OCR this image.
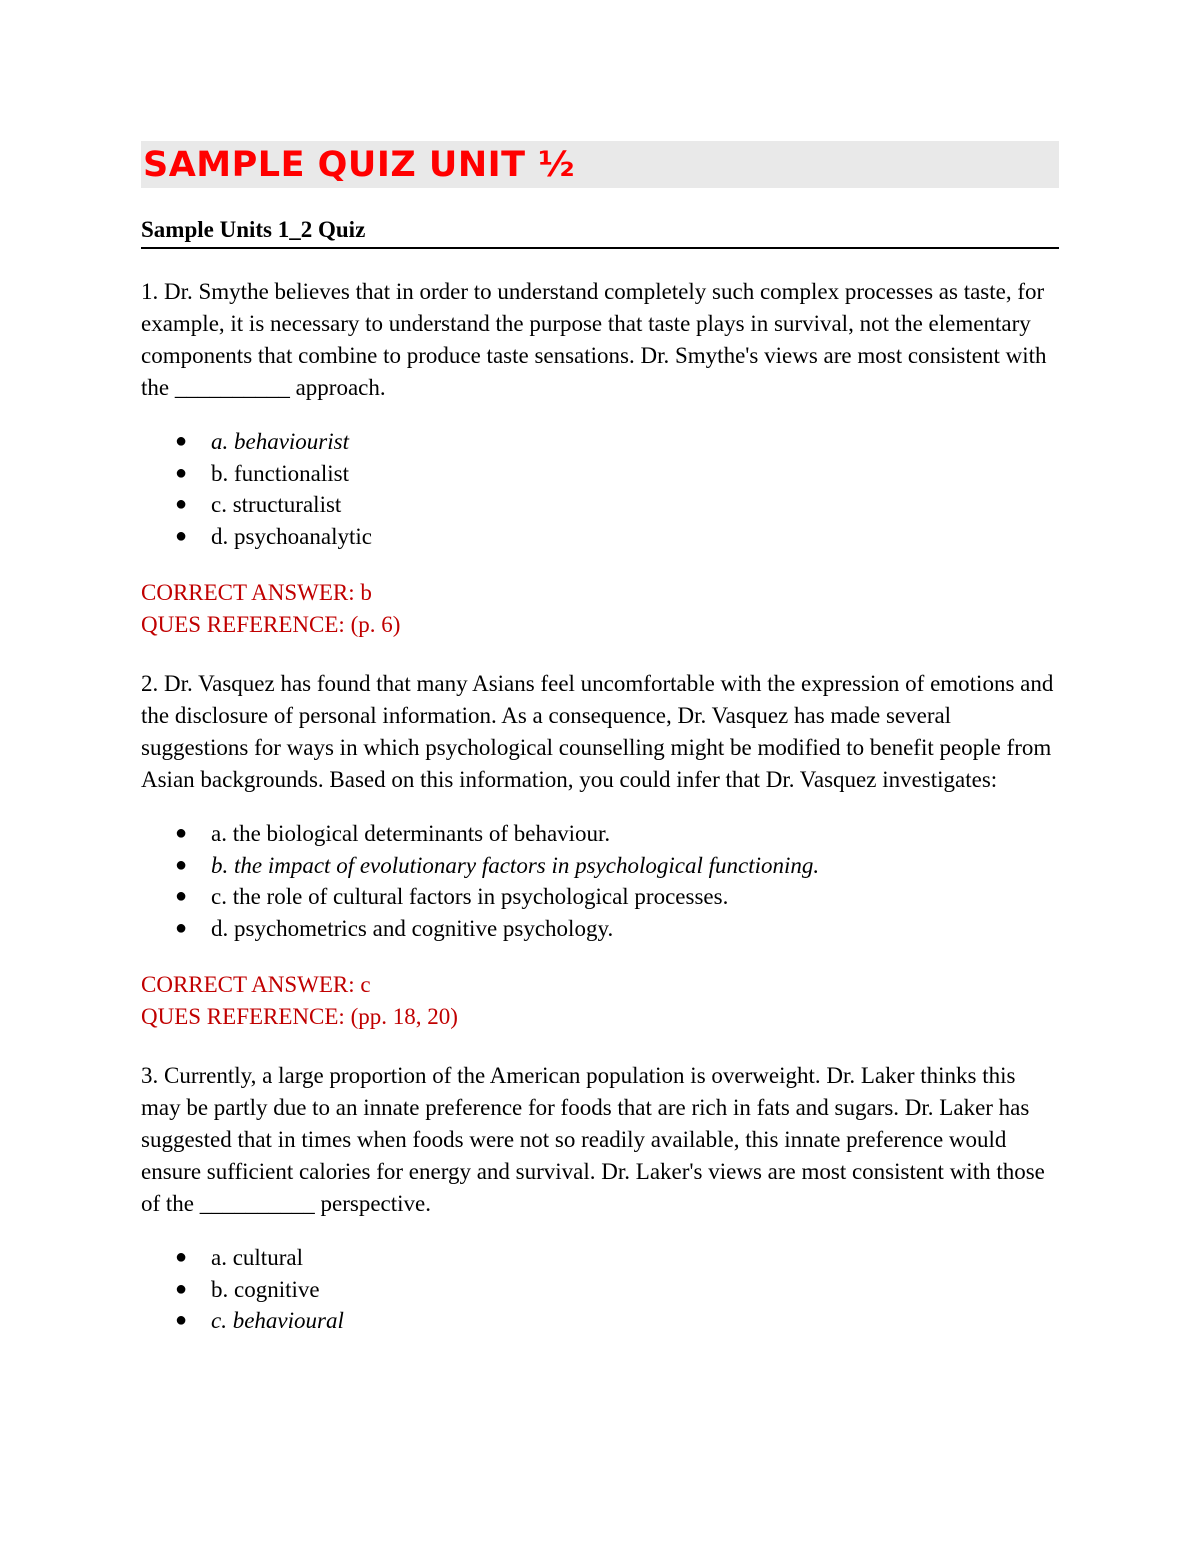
SAMPLE QUIZ UNIT ½
Sample Units 1_2 Quiz
1. Dr. Smythe believes that in order to understand completely such complex processes as taste, for example, it is necessary to understand the purpose that taste plays in survival, not the elementary components that combine to produce taste sensations. Dr. Smythe's views are most consistent with the __________ approach.
● a. behaviourist
● b. functionalist
● c. structuralist
● d. psychoanalytic
CORRECT ANSWER: b
QUES REFERENCE: (p. 6)
2. Dr. Vasquez has found that many Asians feel uncomfortable with the expression of emotions and the disclosure of personal information. As a consequence, Dr. Vasquez has made several suggestions for ways in which psychological counselling might be modified to benefit people from Asian backgrounds. Based on this information, you could infer that Dr. Vasquez investigates:
● a. the biological determinants of behaviour.
● b. the impact of evolutionary factors in psychological functioning.
● c. the role of cultural factors in psychological processes.
● d. psychometrics and cognitive psychology.
CORRECT ANSWER: c
QUES REFERENCE: (pp. 18, 20)
3. Currently, a large proportion of the American population is overweight. Dr. Laker thinks this may be partly due to an innate preference for foods that are rich in fats and sugars. Dr. Laker has suggested that in times when foods were not so readily available, this innate preference would ensure sufficient calories for energy and survival. Dr. Laker's views are most consistent with those of the __________ perspective.
● a. cultural
● b. cognitive
● c. behavioural
